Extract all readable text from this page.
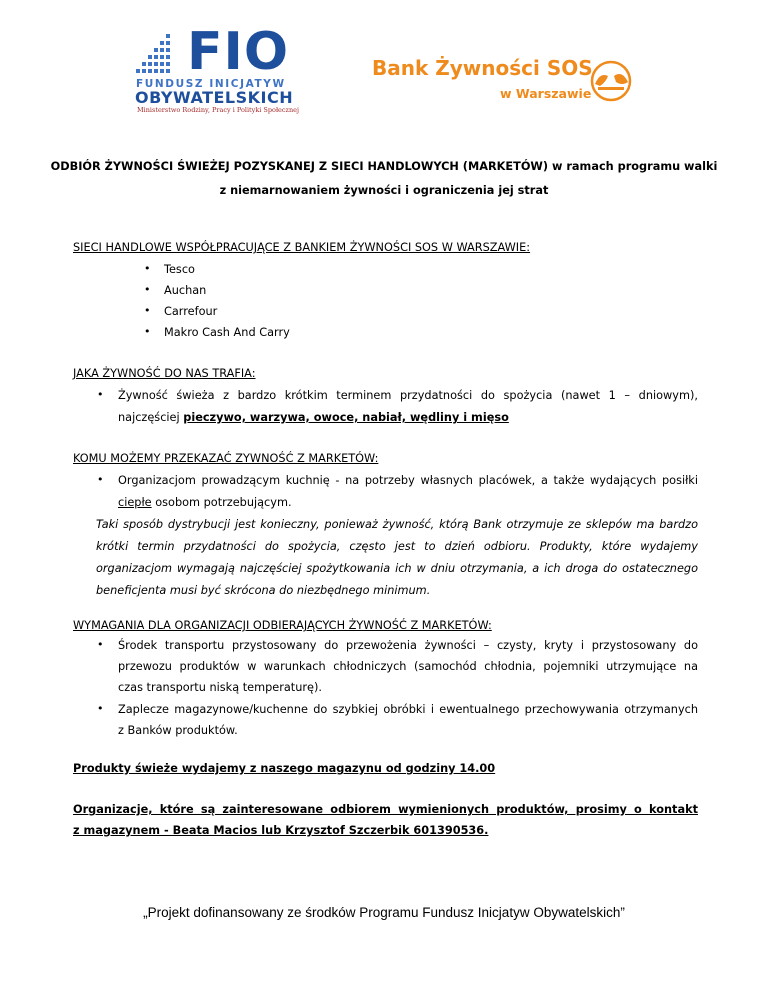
FIO
FUNDUSZ INICJATYW
OBYWATELSKICH
Ministerstwo Rodziny, Pracy i Polityki Społecznej
Bank Żywności SOS
w Warszawie
ODBIÓR ŻYWNOŚCI ŚWIEŻEJ POZYSKANEJ Z SIECI HANDLOWYCH (MARKETÓW) w ramach programu walki
z niemarnowaniem żywności i ograniczenia jej strat
SIECI HANDLOWE WSPÓŁPRACUJĄCE Z BANKIEM ŻYWNOŚCI SOS W WARSZAWIE:
• Tesco
• Auchan
• Carrefour
• Makro Cash And Carry
JAKA ŻYWNOŚĆ DO NAS TRAFIA:
• Żywność świeża z bardzo krótkim terminem przydatności do spożycia (nawet 1 – dniowym),
najczęściej pieczywo, warzywa, owoce, nabiał, wędliny i mięso
KOMU MOŻEMY PRZEKAZAĆ ZYWNOŚĆ Z MARKETÓW:
• Organizacjom prowadzącym kuchnię - na potrzeby własnych placówek, a także wydających posiłki
ciepłe osobom potrzebującym.
Taki sposób dystrybucji jest konieczny, ponieważ żywność, którą Bank otrzymuje ze sklepów ma bardzo
krótki termin przydatności do spożycia, często jest to dzień odbioru. Produkty, które wydajemy
organizacjom wymagają najczęściej spożytkowania ich w dniu otrzymania, a ich droga do ostatecznego
beneficjenta musi być skrócona do niezbędnego minimum.
WYMAGANIA DLA ORGANIZACJI ODBIERAJĄCYCH ŻYWNOŚĆ Z MARKETÓW:
• Środek transportu przystosowany do przewożenia żywności – czysty, kryty i przystosowany do
przewozu produktów w warunkach chłodniczych (samochód chłodnia, pojemniki utrzymujące na
czas transportu niską temperaturę).
• Zaplecze magazynowe/kuchenne do szybkiej obróbki i ewentualnego przechowywania otrzymanych
z Banków produktów.
Produkty świeże wydajemy z naszego magazynu od godziny 14.00
Organizacje, które są zainteresowane odbiorem wymienionych produktów, prosimy o kontakt
z magazynem - Beata Macios lub Krzysztof Szczerbik 601390536.
„Projekt dofinansowany ze środków Programu Fundusz Inicjatyw Obywatelskich”
